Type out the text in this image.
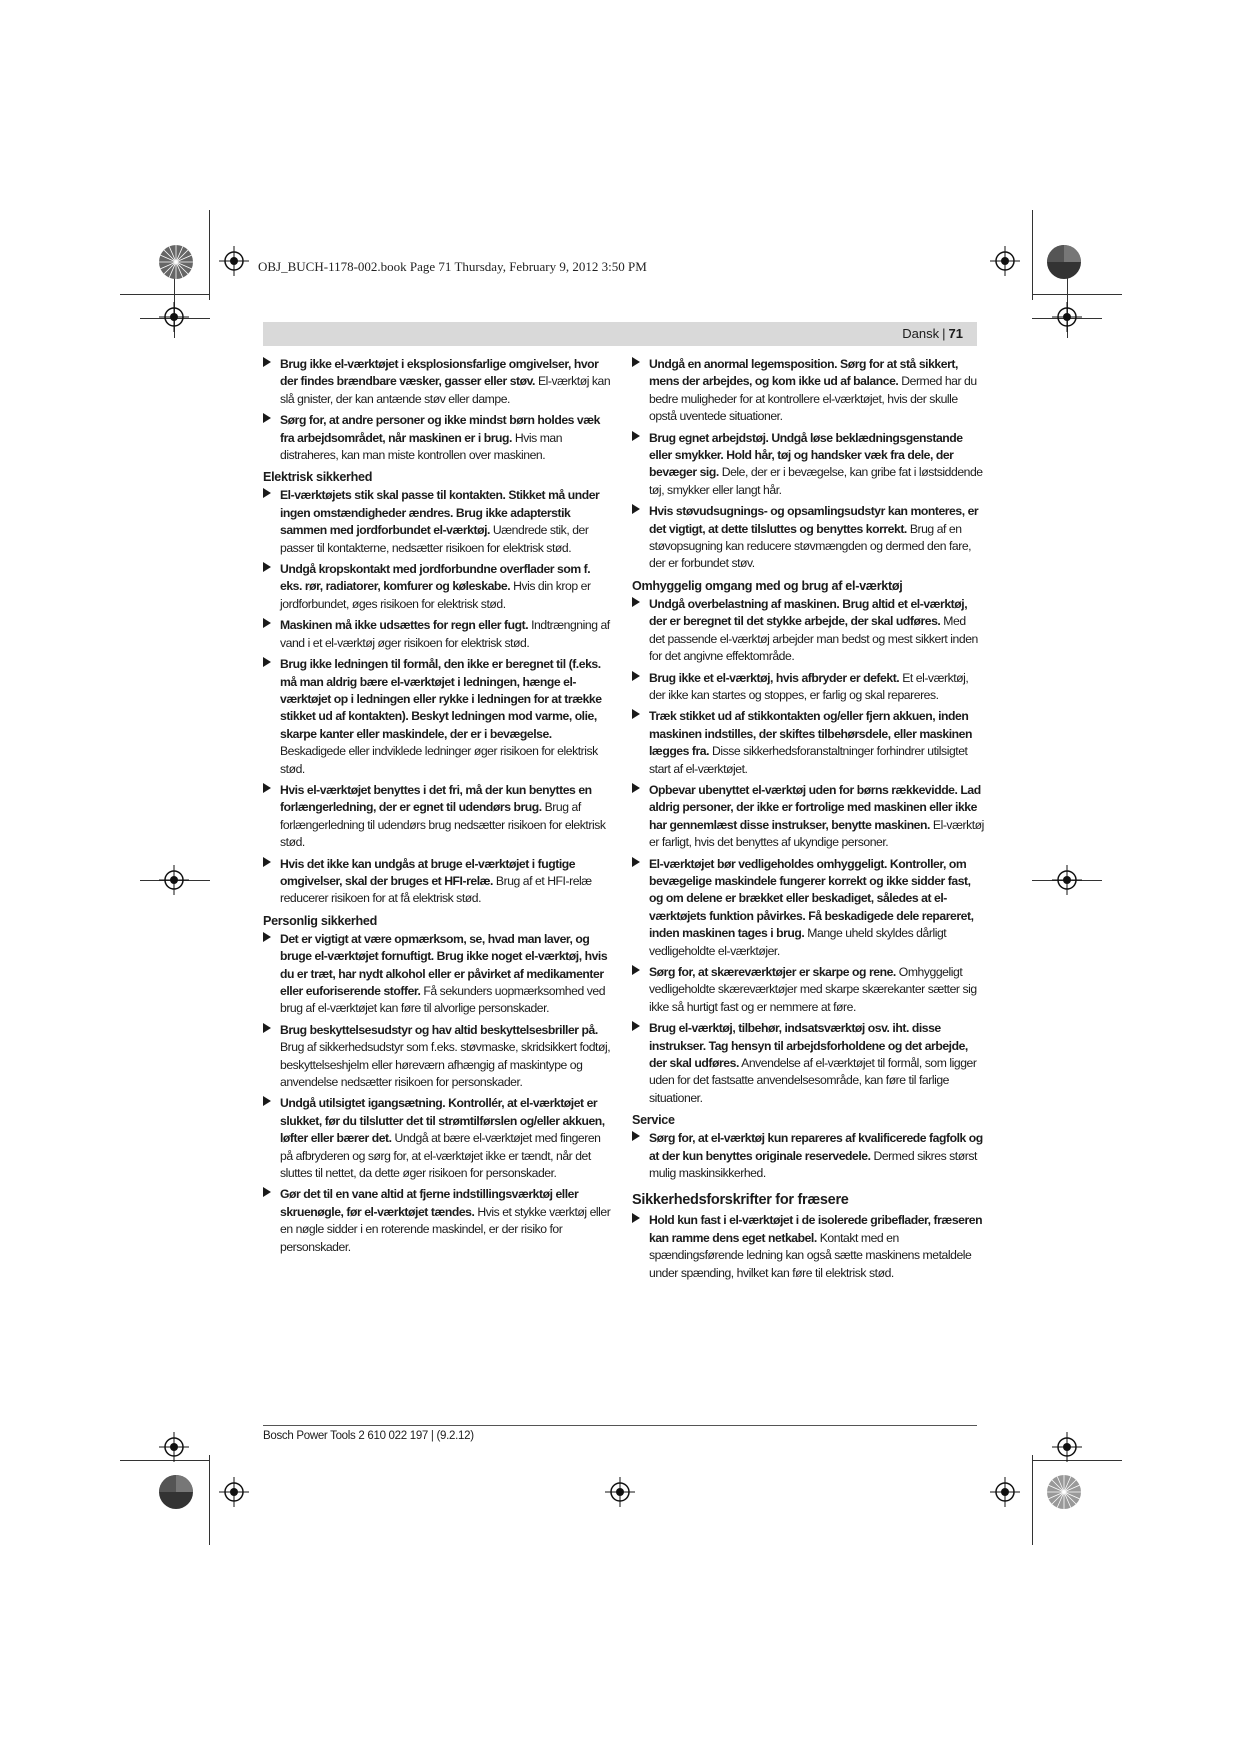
OBJ_BUCH-1178-002.book Page 71 Thursday, February 9, 2012 3:50 PM
Dansk | 71
Brug ikke el-værktøjet i eksplosionsfarlige omgivelser, hvor der findes brændbare væsker, gasser eller støv. El-værktøj kan slå gnister, der kan antænde støv eller dampe.
Sørg for, at andre personer og ikke mindst børn holdes væk fra arbejdsområdet, når maskinen er i brug. Hvis man distraheres, kan man miste kontrollen over maskinen.
Elektrisk sikkerhed
El-værktøjets stik skal passe til kontakten. Stikket må under ingen omstændigheder ændres. Brug ikke adapterstik sammen med jordforbundet el-værktøj. Uændrede stik, der passer til kontakterne, nedsætter risikoen for elektrisk stød.
Undgå kropskontakt med jordforbundne overflader som f. eks. rør, radiatorer, komfurer og køleskabe. Hvis din krop er jordforbundet, øges risikoen for elektrisk stød.
Maskinen må ikke udsættes for regn eller fugt. Indtrængning af vand i et el-værktøj øger risikoen for elektrisk stød.
Brug ikke ledningen til formål, den ikke er beregnet til (f.eks. må man aldrig bære el-værktøjet i ledningen, hænge el-værktøjet op i ledningen eller rykke i ledningen for at trække stikket ud af kontakten). Beskyt ledningen mod varme, olie, skarpe kanter eller maskindele, der er i bevægelse. Beskadigede eller indviklede ledninger øger risikoen for elektrisk stød.
Hvis el-værktøjet benyttes i det fri, må der kun benyttes en forlængerledning, der er egnet til udendørs brug. Brug af forlængerledning til udendørs brug nedsætter risikoen for elektrisk stød.
Hvis det ikke kan undgås at bruge el-værktøjet i fugtige omgivelser, skal der bruges et HFI-relæ. Brug af et HFI-relæ reducerer risikoen for at få elektrisk stød.
Personlig sikkerhed
Det er vigtigt at være opmærksom, se, hvad man laver, og bruge el-værktøjet fornuftigt. Brug ikke noget el-værktøj, hvis du er træt, har nydt alkohol eller er påvirket af medikamenter eller euforiserende stoffer. Få sekunders uopmærksomhed ved brug af el-værktøjet kan føre til alvorlige personskader.
Brug beskyttelsesudstyr og hav altid beskyttelsesbriller på. Brug af sikkerhedsudstyr som f.eks. støvmaske, skridsikkert fodtøj, beskyttelseshjelm eller høreværn afhængig af maskintype og anvendelse nedsætter risikoen for personskader.
Undgå utilsigtet igangsætning. Kontrollér, at el-værktøjet er slukket, før du tilslutter det til strømtilførslen og/eller akkuen, løfter eller bærer det. Undgå at bære el-værktøjet med fingeren på afbryderen og sørg for, at el-værktøjet ikke er tændt, når det sluttes til nettet, da dette øger risikoen for personskader.
Gør det til en vane altid at fjerne indstillingsværktøj eller skruenøgle, før el-værktøjet tændes. Hvis et stykke værktøj eller en nøgle sidder i en roterende maskindel, er der risiko for personskader.
Undgå en anormal legemsposition. Sørg for at stå sikkert, mens der arbejdes, og kom ikke ud af balance. Dermed har du bedre muligheder for at kontrollere el-værktøjet, hvis der skulle opstå uventede situationer.
Brug egnet arbejdstøj. Undgå løse beklædningsgenstande eller smykker. Hold hår, tøj og handsker væk fra dele, der bevæger sig. Dele, der er i bevægelse, kan gribe fat i løstsiddende tøj, smykker eller langt hår.
Hvis støvudsugnings- og opsamlingsudstyr kan monteres, er det vigtigt, at dette tilsluttes og benyttes korrekt. Brug af en støvopsugning kan reducere støvmængden og dermed den fare, der er forbundet støv.
Omhyggelig omgang med og brug af el-værktøj
Undgå overbelastning af maskinen. Brug altid et el-værktøj, der er beregnet til det stykke arbejde, der skal udføres. Med det passende el-værktøj arbejder man bedst og mest sikkert inden for det angivne effektområde.
Brug ikke et el-værktøj, hvis afbryder er defekt. Et el-værktøj, der ikke kan startes og stoppes, er farlig og skal repareres.
Træk stikket ud af stikkontakten og/eller fjern akkuen, inden maskinen indstilles, der skiftes tilbehørsdele, eller maskinen lægges fra. Disse sikkerhedsforanstaltninger forhindrer utilsigtet start af el-værktøjet.
Opbevar ubenyttet el-værktøj uden for børns rækkevidde. Lad aldrig personer, der ikke er fortrolige med maskinen eller ikke har gennemlæst disse instrukser, benytte maskinen. El-værktøj er farligt, hvis det benyttes af ukyndige personer.
El-værktøjet bør vedligeholdes omhyggeligt. Kontroller, om bevægelige maskindele fungerer korrekt og ikke sidder fast, og om delene er brækket eller beskadiget, således at el-værktøjets funktion påvirkes. Få beskadigede dele repareret, inden maskinen tages i brug. Mange uheld skyldes dårligt vedligeholdte el-værktøjer.
Sørg for, at skæreværktøjer er skarpe og rene. Omhyggeligt vedligeholdte skæreværktøjer med skarpe skærekanter sætter sig ikke så hurtigt fast og er nemmere at føre.
Brug el-værktøj, tilbehør, indsatsværktøj osv. iht. disse instrukser. Tag hensyn til arbejdsforholdene og det arbejde, der skal udføres. Anvendelse af el-værktøjet til formål, som ligger uden for det fastsatte anvendelsesområde, kan føre til farlige situationer.
Service
Sørg for, at el-værktøj kun repareres af kvalificerede fagfolk og at der kun benyttes originale reservedele. Dermed sikres størst mulig maskinsikkerhed.
Sikkerhedsforskrifter for fræsere
Hold kun fast i el-værktøjet i de isolerede gribeflader, fræseren kan ramme dens eget netkabel. Kontakt med en spændingsførende ledning kan også sætte maskinens metaldele under spænding, hvilket kan føre til elektrisk stød.
Bosch Power Tools 2 610 022 197 | (9.2.12)
